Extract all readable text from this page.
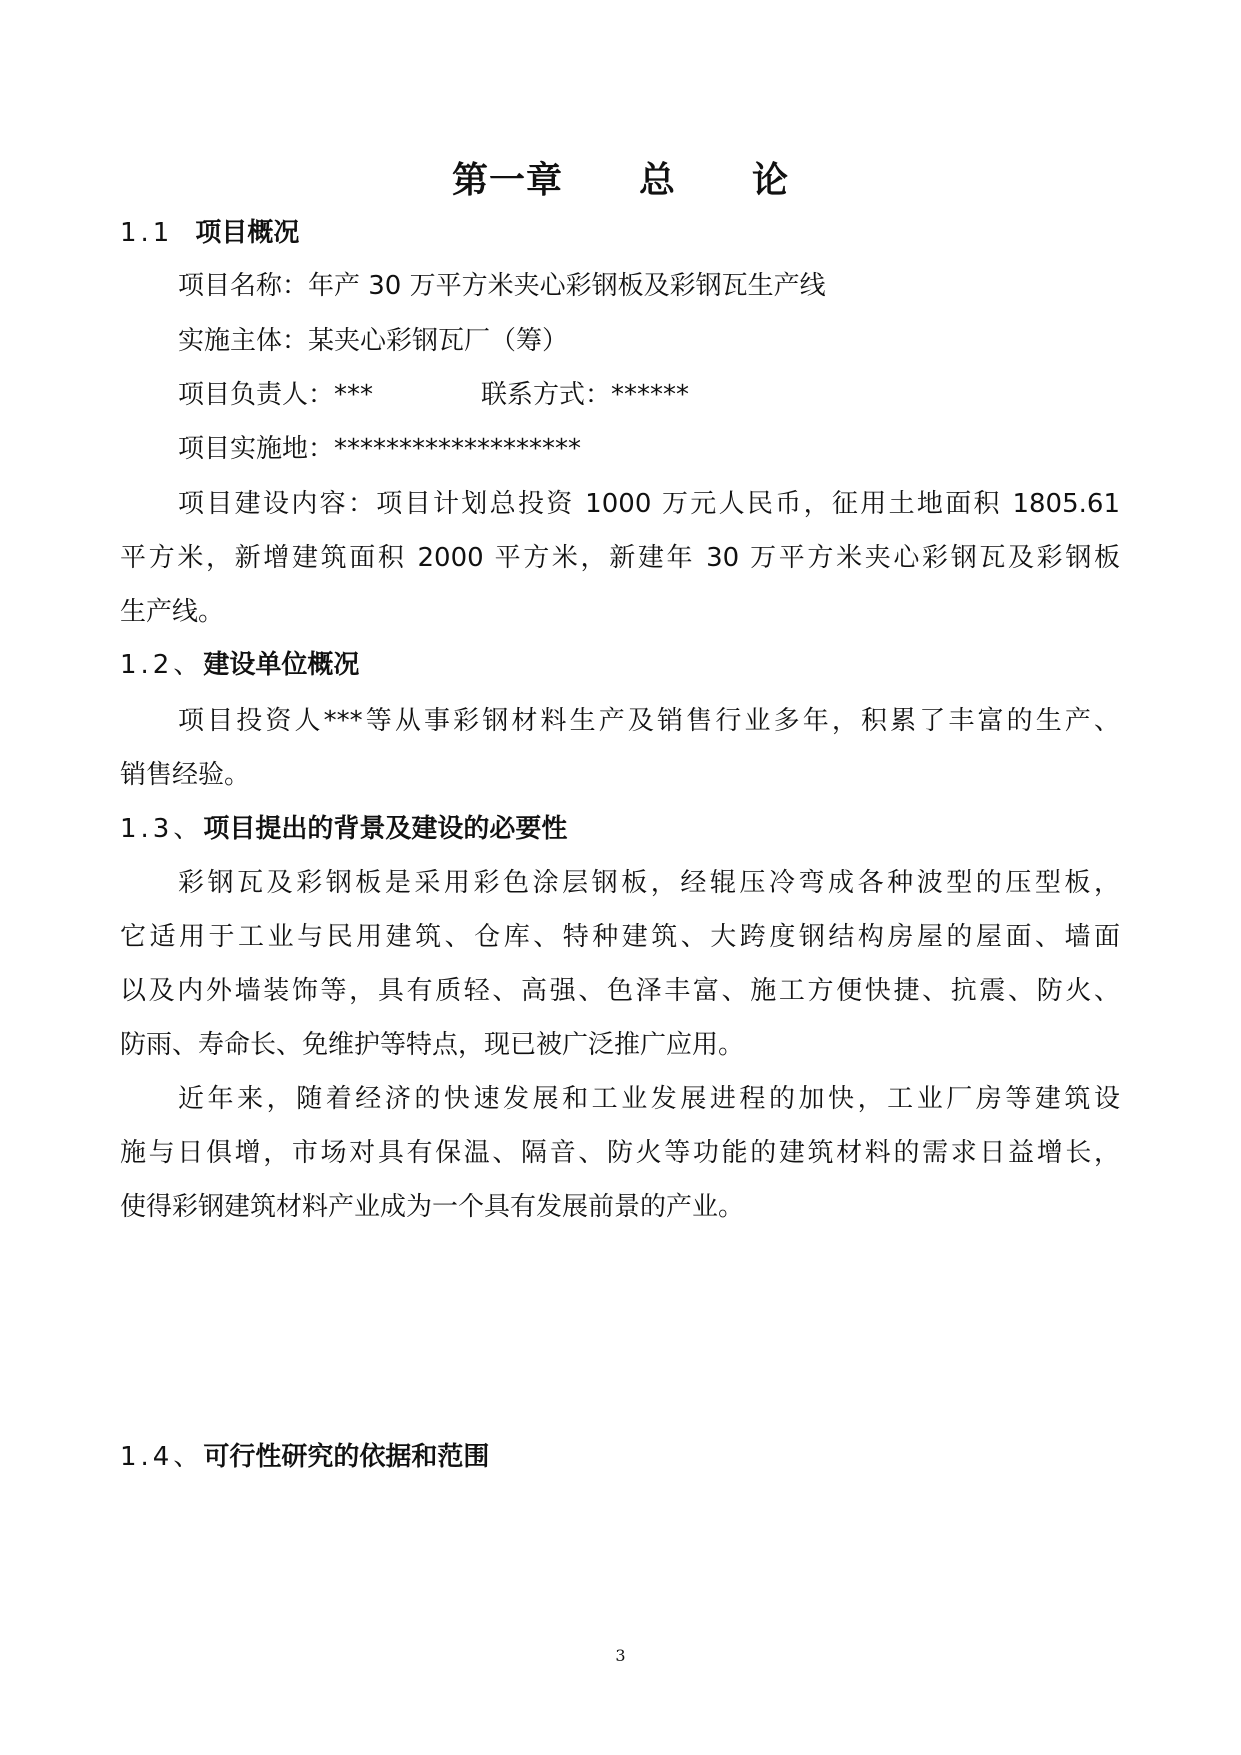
第一章 总 论
1.1 项目概况
项目名称：年产 30 万平方米夹心彩钢板及彩钢瓦生产线
实施主体：某夹心彩钢瓦厂（筹）
项目负责人：***	联系方式：******
项目实施地：*******************
项目建设内容：项目计划总投资 1000 万元人民币，征用土地面积 1805.61
平方米，新增建筑面积 2000 平方米，新建年 30 万平方米夹心彩钢瓦及彩钢板
生产线。
1.2、建设单位概况
项目投资人***等从事彩钢材料生产及销售行业多年，积累了丰富的生产、
销售经验。
1.3、项目提出的背景及建设的必要性
彩钢瓦及彩钢板是采用彩色涂层钢板，经辊压冷弯成各种波型的压型板，
它适用于工业与民用建筑、仓库、特种建筑、大跨度钢结构房屋的屋面、墙面
以及内外墙装饰等，具有质轻、高强、色泽丰富、施工方便快捷、抗震、防火、
防雨、寿命长、免维护等特点，现已被广泛推广应用。
近年来，随着经济的快速发展和工业发展进程的加快，工业厂房等建筑设
施与日俱增，市场对具有保温、隔音、防火等功能的建筑材料的需求日益增长，
使得彩钢建筑材料产业成为一个具有发展前景的产业。
1.4、可行性研究的依据和范围
3
